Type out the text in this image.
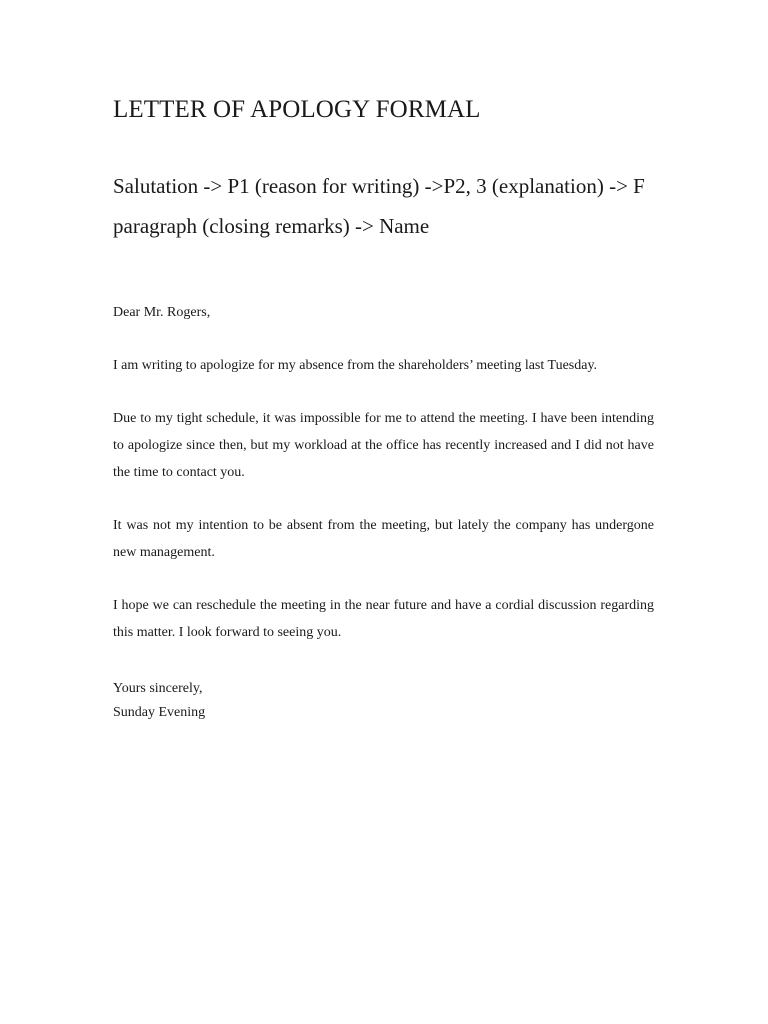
LETTER OF APOLOGY FORMAL

Salutation -> P1 (reason for writing) ->P2, 3 (explanation) -> F paragraph (closing remarks) -> Name

Dear Mr. Rogers,

I am writing to apologize for my absence from the shareholders’ meeting last Tuesday.

Due to my tight schedule, it was impossible for me to attend the meeting. I have been intending to apologize since then, but my workload at the office has recently increased and I did not have the time to contact you.

It was not my intention to be absent from the meeting, but lately the company has undergone new management.

I hope we can reschedule the meeting in the near future and have a cordial discussion regarding this matter. I look forward to seeing you.

Yours sincerely,
Sunday Evening
